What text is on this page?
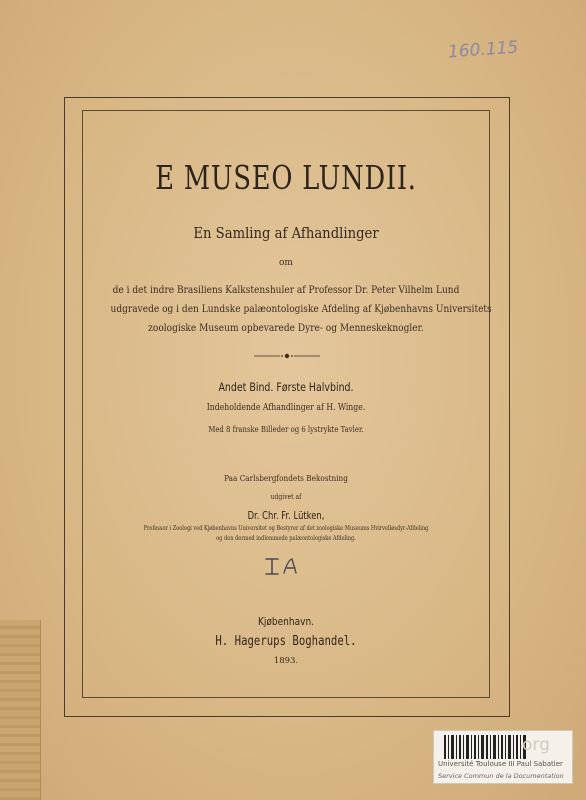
160.115
E MUSEO LUNDII.
En Samling af Afhandlinger
om
de i det indre Brasiliens Kalkstenshuler af Professor Dr. Peter Vilhelm Lund
udgravede og i den Lundske palæontologiske Afdeling af Kjøbenhavns Universitets
zoologiske Museum opbevarede Dyre- og Menneskeknogler.
Andet Bind. Første Halvbind.
Indeholdende Afhandlinger af H. Winge.
Med 8 franske Billeder og 6 lystrykte Tavler.
Paa Carlsbergfondets Bekostning
udgivet af
Dr. Chr. Fr. Lütken,
Professor i Zoologi ved Kjøbenhavns Universitet og Bestyrer af det zoologiske Museums Hvirvelløsdyr-Afdeling
og den dermed indlemmede palæontologiske Afdeling.
Kjøbenhavn.
H. Hagerups Boghandel.
1893.
org
Université Toulouse III Paul Sabatier
Service Commun de la Documentation
